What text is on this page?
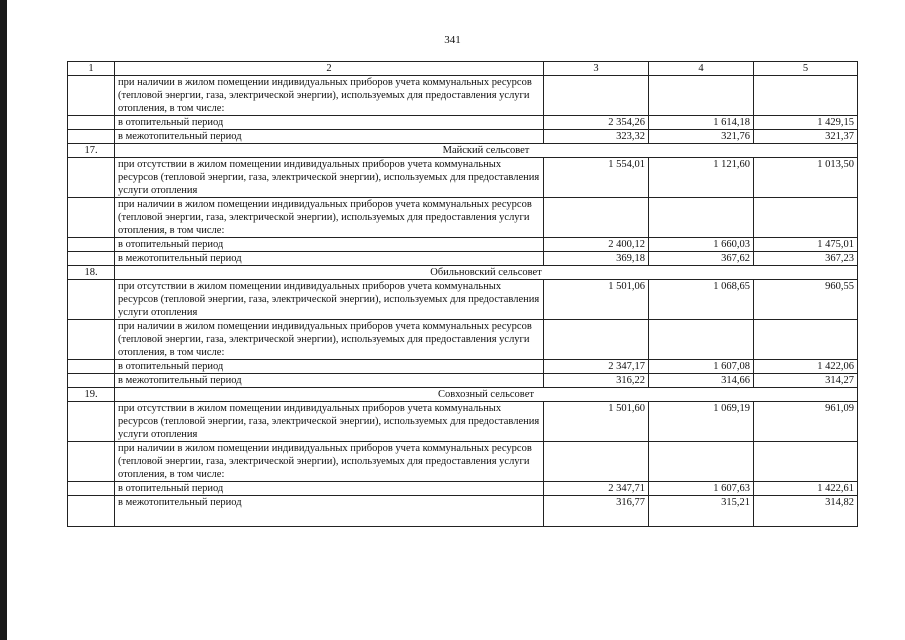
341
1	2	3	4	5
	при наличии в жилом помещении индивидуальных приборов учета коммунальных ресурсов (тепловой энергии, газа, электрической энергии), используемых для предоставления услуги отопления, в том числе:			
	в отопительный период	2 354,26	1 614,18	1 429,15
	в межотопительный период	323,32	321,76	321,37
17.	Майский сельсовет			
	при отсутствии в жилом помещении индивидуальных приборов учета коммунальных ресурсов (тепловой энергии, газа, электрической энергии), используемых для предоставления услуги отопления	1 554,01	1 121,60	1 013,50
	при наличии в жилом помещении индивидуальных приборов учета коммунальных ресурсов (тепловой энергии, газа, электрической энергии), используемых для предоставления услуги отопления, в том числе:			
	в отопительный период	2 400,12	1 660,03	1 475,01
	в межотопительный период	369,18	367,62	367,23
18.	Обильновский сельсовет			
	при отсутствии в жилом помещении индивидуальных приборов учета коммунальных ресурсов (тепловой энергии, газа, электрической энергии), используемых для предоставления услуги отопления	1 501,06	1 068,65	960,55
	при наличии в жилом помещении индивидуальных приборов учета коммунальных ресурсов (тепловой энергии, газа, электрической энергии), используемых для предоставления услуги отопления, в том числе:			
	в отопительный период	2 347,17	1 607,08	1 422,06
	в межотопительный период	316,22	314,66	314,27
19.	Совхозный сельсовет			
	при отсутствии в жилом помещении индивидуальных приборов учета коммунальных ресурсов (тепловой энергии, газа, электрической энергии), используемых для предоставления услуги отопления	1 501,60	1 069,19	961,09
	при наличии в жилом помещении индивидуальных приборов учета коммунальных ресурсов (тепловой энергии, газа, электрической энергии), используемых для предоставления услуги отопления, в том числе:			
	в отопительный период	2 347,71	1 607,63	1 422,61
	в межотопительный период	316,77	315,21	314,82
